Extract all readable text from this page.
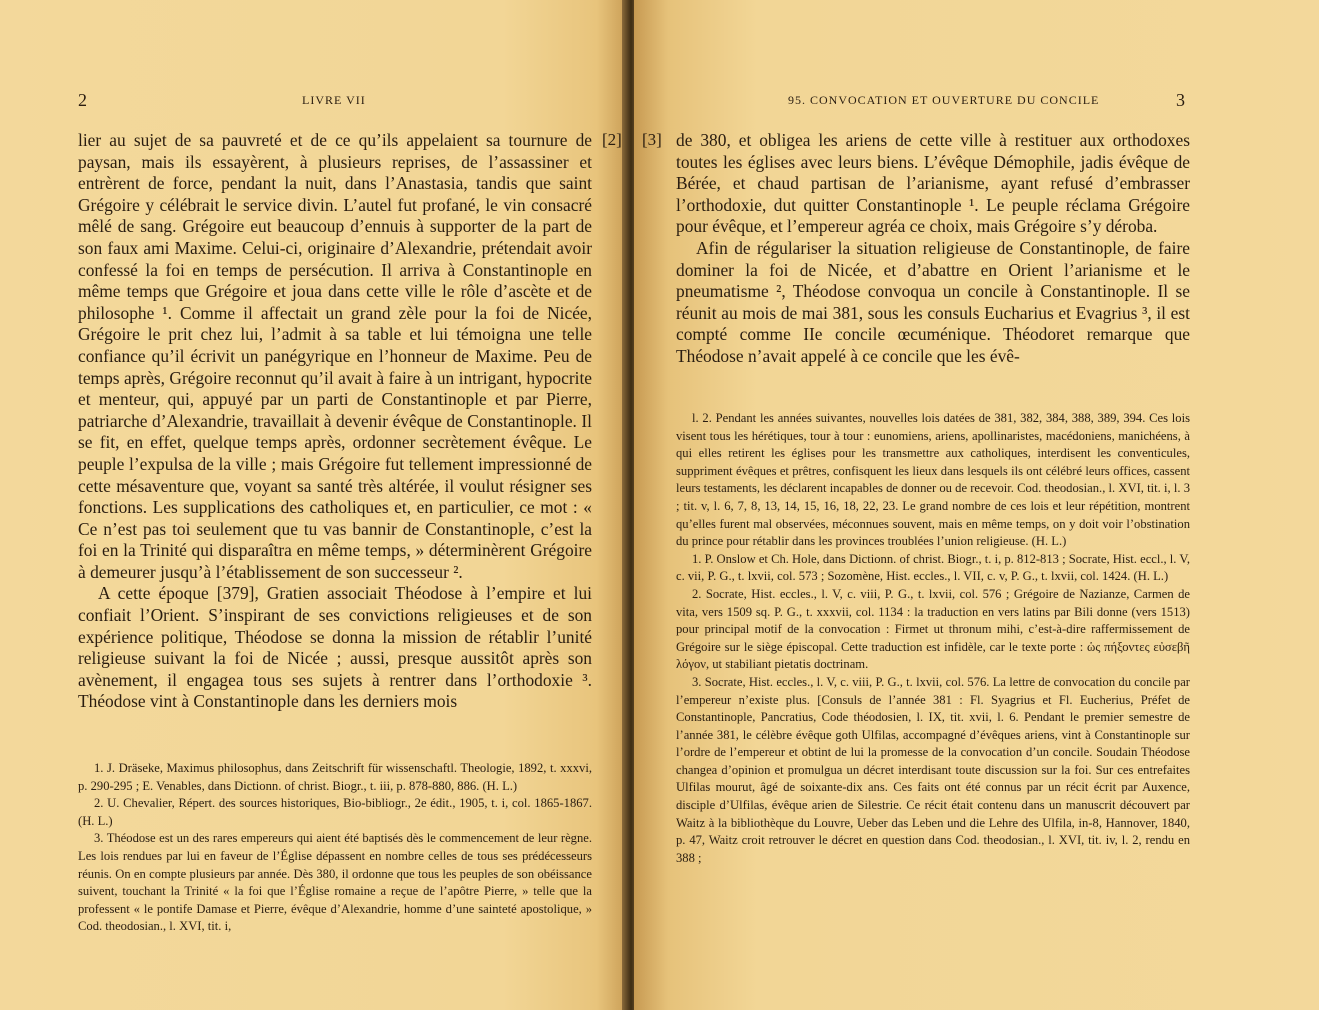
2	LIVRE VII

lier au sujet de sa pauvreté et de ce qu’ils appelaient sa tournure de paysan, mais ils essayèrent, à plusieurs reprises, de l’assassiner et entrèrent de force, pendant la nuit, dans l’Anastasia, tandis que saint Grégoire y célébrait le service divin. L’autel fut profané, le vin consacré mêlé de sang. Grégoire eut beaucoup d’ennuis à supporter de la part de son faux ami Maxime. Celui-ci, originaire d’Alexandrie, prétendait avoir confessé la foi en temps de persécution. Il arriva à Constantinople en même temps que Grégoire et joua dans cette ville le rôle d’ascète et de philosophe ¹. Comme il affectait un grand zèle pour la foi de Nicée, Grégoire le prit chez lui, l’admit à sa table et lui témoigna une telle confiance qu’il écrivit un panégyrique en l’honneur de Maxime. Peu de temps après, Grégoire reconnut qu’il avait à faire à un intrigant, hypocrite et menteur, qui, appuyé par un parti de Constantinople et par Pierre, patriarche d’Alexandrie, travaillait à devenir évêque de Constantinople. Il se fit, en effet, quelque temps après, ordonner secrètement évêque. Le peuple l’expulsa de la ville ; mais Grégoire fut tellement impressionné de cette mésaventure que, voyant sa santé très altérée, il voulut résigner ses fonctions. Les supplications des catholiques et, en particulier, ce mot : « Ce n’est pas toi seulement que tu vas bannir de Constantinople, c’est la foi en la Trinité qui disparaîtra en même temps, » déterminèrent Grégoire à demeurer jusqu’à l’établissement de son successeur ².

A cette époque [379], Gratien associait Théodose à l’empire et lui confiait l’Orient. S’inspirant de ses convictions religieuses et de son expérience politique, Théodose se donna la mission de rétablir l’unité religieuse suivant la foi de Nicée ; aussi, presque aussitôt après son avènement, il engagea tous ses sujets à rentrer dans l’orthodoxie ³. Théodose vint à Constantinople dans les derniers mois

1. J. Dräseke, Maximus philosophus, dans Zeitschrift für wissenschaftl. Theologie, 1892, t. xxxvi, p. 290-295 ; E. Venables, dans Dictionn. of christ. Biogr., t. iii, p. 878-880, 886. (H. L.)

2. U. Chevalier, Répert. des sources historiques, Bio-bibliogr., 2e édit., 1905, t. i, col. 1865-1867. (H. L.)

3. Théodose est un des rares empereurs qui aient été baptisés dès le commencement de leur règne. Les lois rendues par lui en faveur de l’Église dépassent en nombre celles de tous ses prédécesseurs réunis. On en compte plusieurs par année. Dès 380, il ordonne que tous les peuples de son obéissance suivent, touchant la Trinité « la foi que l’Église romaine a reçue de l’apôtre Pierre, » telle que la professent « le pontife Damase et Pierre, évêque d’Alexandrie, homme d’une sainteté apostolique, » Cod. theodosian., l. XVI, tit. i,

[2]
95. CONVOCATION ET OUVERTURE DU CONCILE	3
[3] de 380, et obligea les ariens de cette ville à restituer aux orthodoxes toutes les églises avec leurs biens. L’évêque Démophile, jadis évêque de Bérée, et chaud partisan de l’arianisme, ayant refusé d’embrasser l’orthodoxie, dut quitter Constantinople ¹. Le peuple réclama Grégoire pour évêque, et l’empereur agréa ce choix, mais Grégoire s’y déroba.

Afin de régulariser la situation religieuse de Constantinople, de faire dominer la foi de Nicée, et d’abattre en Orient l’arianisme et le pneumatisme ², Théodose convoqua un concile à Constantinople. Il se réunit au mois de mai 381, sous les consuls Eucharius et Evagrius ³, il est compté comme IIe concile œcuménique. Théodoret remarque que Théodose n’avait appelé à ce concile que les évê-

l. 2. Pendant les années suivantes, nouvelles lois datées de 381, 382, 384, 388, 389, 394. Ces lois visent tous les hérétiques, tour à tour : eunomiens, ariens, apollinaristes, macédoniens, manichéens, à qui elles retirent les églises pour les transmettre aux catholiques, interdisent les conventicules, suppriment évêques et prêtres, confisquent les lieux dans lesquels ils ont célébré leurs offices, cassent leurs testaments, les déclarent incapables de donner ou de recevoir. Cod. theodosian., l. XVI, tit. i, l. 3 ; tit. v, l. 6, 7, 8, 13, 14, 15, 16, 18, 22, 23. Le grand nombre de ces lois et leur répétition, montrent qu’elles furent mal observées, méconnues souvent, mais en même temps, on y doit voir l’obstination du prince pour rétablir dans les provinces troublées l’union religieuse. (H. L.)

1. P. Onslow et Ch. Hole, dans Dictionn. of christ. Biogr., t. i, p. 812-813 ; Socrate, Hist. eccl., l. V, c. vii, P. G., t. lxvii, col. 573 ; Sozomène, Hist. eccles., l. VII, c. v, P. G., t. lxvii, col. 1424. (H. L.)

2. Socrate, Hist. eccles., l. V, c. viii, P. G., t. lxvii, col. 576 ; Grégoire de Nazianze, Carmen de vita, vers 1509 sq. P. G., t. xxxvii, col. 1134 : la traduction en vers latins par Bili donne (vers 1513) pour principal motif de la convocation : Firmet ut thronum mihi, c’est-à-dire raffermissement de Grégoire sur le siège épiscopal. Cette traduction est infidèle, car le texte porte : ὡς πήξοντες εὐσεβῆ λόγον, ut stabiliant pietatis doctrinam.

3. Socrate, Hist. eccles., l. V, c. viii, P. G., t. lxvii, col. 576. La lettre de convocation du concile par l’empereur n’existe plus. [Consuls de l’année 381 : Fl. Syagrius et Fl. Eucherius, Préfet de Constantinople, Pancratius, Code théodosien, l. IX, tit. xvii, l. 6. Pendant le premier semestre de l’année 381, le célèbre évêque goth Ulfilas, accompagné d’évêques ariens, vint à Constantinople sur l’ordre de l’empereur et obtint de lui la promesse de la convocation d’un concile. Soudain Théodose changea d’opinion et promulgua un décret interdisant toute discussion sur la foi. Sur ces entrefaites Ulfilas mourut, âgé de soixante-dix ans. Ces faits ont été connus par un récit écrit par Auxence, disciple d’Ulfilas, évêque arien de Silestrie. Ce récit était contenu dans un manuscrit découvert par Waitz à la bibliothèque du Louvre, Ueber das Leben und die Lehre des Ulfila, in-8, Hannover, 1840, p. 47, Waitz croit retrouver le décret en question dans Cod. theodosian., l. XVI, tit. iv, l. 2, rendu en 388 ;
